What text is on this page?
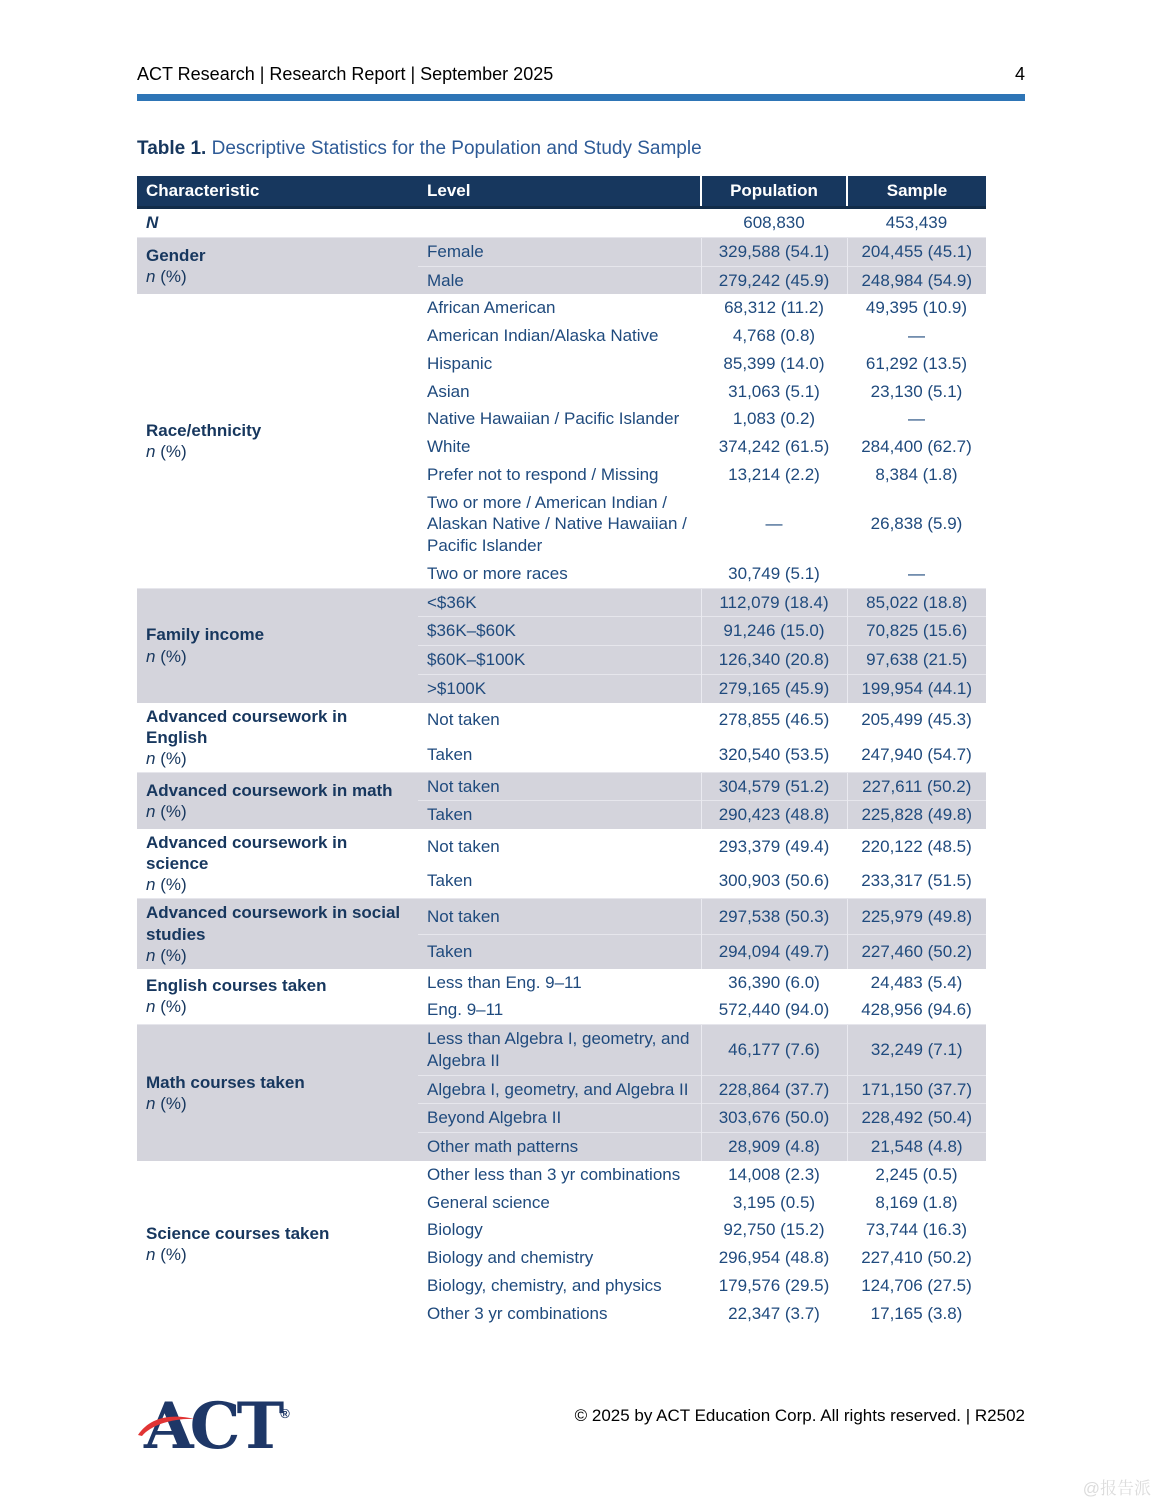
ACT Research | Research Report | September 2025	4
Table 1. Descriptive Statistics for the Population and Study Sample
Characteristic	Level	Population	Sample
N		608,830	453,439

Gender
n (%)	Female	329,588 (54.1)	204,455 (45.1)
	Male	279,242 (45.9)	248,984 (54.9)

Race/ethnicity
n (%)	African American	68,312 (11.2)	49,395 (10.9)
	American Indian/Alaska Native	4,768 (0.8)	—
	Hispanic	85,399 (14.0)	61,292 (13.5)
	Asian	31,063 (5.1)	23,130 (5.1)
	Native Hawaiian / Pacific Islander	1,083 (0.2)	—
	White	374,242 (61.5)	284,400 (62.7)
	Prefer not to respond / Missing	13,214 (2.2)	8,384 (1.8)
	Two or more / American Indian / Alaskan Native / Native Hawaiian / Pacific Islander	—	26,838 (5.9)
	Two or more races	30,749 (5.1)	—

Family income
n (%)	<$36K	112,079 (18.4)	85,022 (18.8)
	$36K–$60K	91,246 (15.0)	70,825 (15.6)
	$60K–$100K	126,340 (20.8)	97,638 (21.5)
	>$100K	279,165 (45.9)	199,954 (44.1)

Advanced coursework in English
n (%)	Not taken	278,855 (46.5)	205,499 (45.3)
	Taken	320,540 (53.5)	247,940 (54.7)

Advanced coursework in math
n (%)	Not taken	304,579 (51.2)	227,611 (50.2)
	Taken	290,423 (48.8)	225,828 (49.8)

Advanced coursework in science
n (%)	Not taken	293,379 (49.4)	220,122 (48.5)
	Taken	300,903 (50.6)	233,317 (51.5)

Advanced coursework in social studies
n (%)	Not taken	297,538 (50.3)	225,979 (49.8)
	Taken	294,094 (49.7)	227,460 (50.2)

English courses taken
n (%)	Less than Eng. 9–11	36,390 (6.0)	24,483 (5.4)
	Eng. 9–11	572,440 (94.0)	428,956 (94.6)

Math courses taken
n (%)	Less than Algebra I, geometry, and Algebra II	46,177 (7.6)	32,249 (7.1)
	Algebra I, geometry, and Algebra II	228,864 (37.7)	171,150 (37.7)
	Beyond Algebra II	303,676 (50.0)	228,492 (50.4)
	Other math patterns	28,909 (4.8)	21,548 (4.8)

Science courses taken
n (%)	Other less than 3 yr combinations	14,008 (2.3)	2,245 (0.5)
	General science	3,195 (0.5)	8,169 (1.8)
	Biology	92,750 (15.2)	73,744 (16.3)
	Biology and chemistry	296,954 (48.8)	227,410 (50.2)
	Biology, chemistry, and physics	179,576 (29.5)	124,706 (27.5)
	Other 3 yr combinations	22,347 (3.7)	17,165 (3.8)
ACT®	© 2025 by ACT Education Corp. All rights reserved. | R2502
@报告派
